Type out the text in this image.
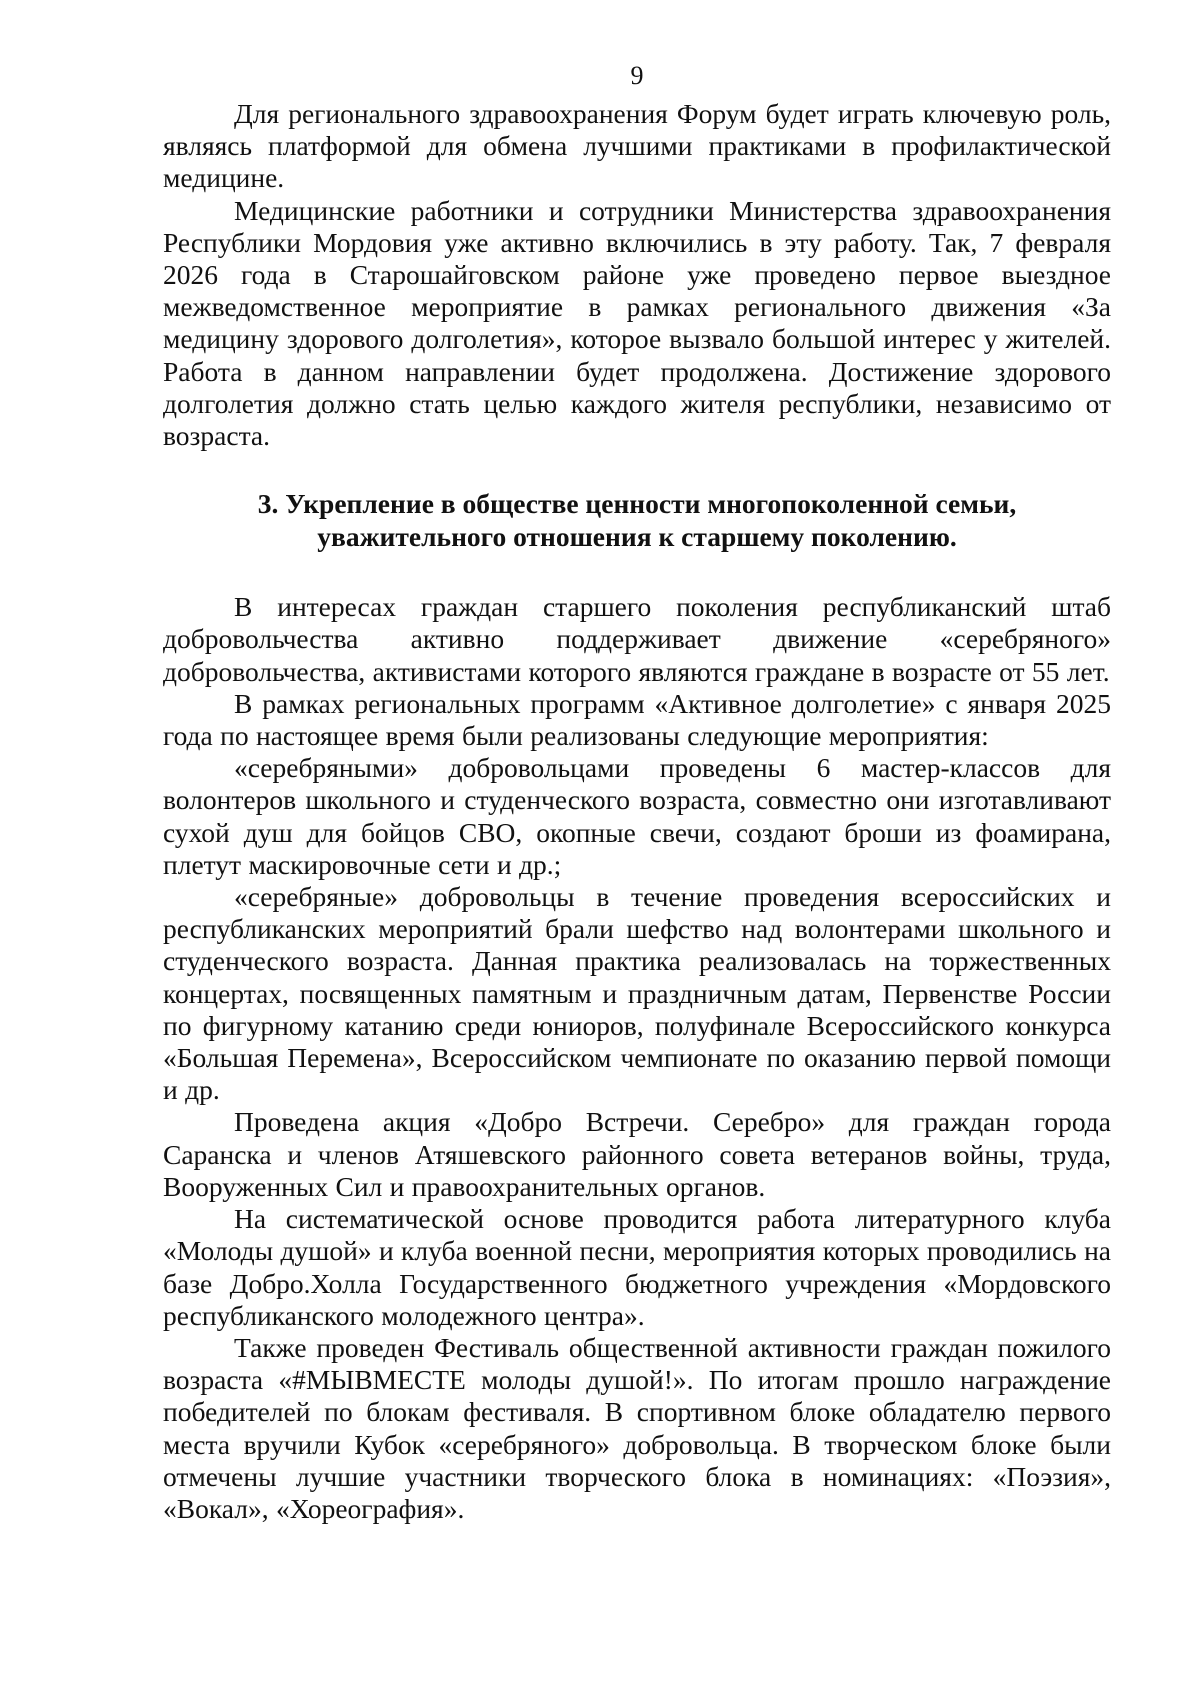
9

Для регионального здравоохранения Форум будет играть ключевую роль, являясь платформой для обмена лучшими практиками в профилактической медицине.

Медицинские работники и сотрудники Министерства здравоохранения Республики Мордовия уже активно включились в эту работу. Так, 7 февраля 2026 года в Старошайговском районе уже проведено первое выездное межведомственное мероприятие в рамках регионального движения «За медицину здорового долголетия», которое вызвало большой интерес у жителей. Работа в данном направлении будет продолжена. Достижение здорового долголетия должно стать целью каждого жителя республики, независимо от возраста.

3. Укрепление в обществе ценности многопоколенной семьи,
уважительного отношения к старшему поколению.

В интересах граждан старшего поколения республиканский штаб добровольчества активно поддерживает движение «серебряного» добровольчества, активистами которого являются граждане в возрасте от 55 лет.

В рамках региональных программ «Активное долголетие» с января 2025 года по настоящее время были реализованы следующие мероприятия:

«серебряными» добровольцами проведены 6 мастер-классов для волонтеров школьного и студенческого возраста, совместно они изготавливают сухой душ для бойцов СВО, окопные свечи, создают броши из фоамирана, плетут маскировочные сети и др.;

«серебряные» добровольцы в течение проведения всероссийских и республиканских мероприятий брали шефство над волонтерами школьного и студенческого возраста. Данная практика реализовалась на торжественных концертах, посвященных памятным и праздничным датам, Первенстве России по фигурному катанию среди юниоров, полуфинале Всероссийского конкурса «Большая Перемена», Всероссийском чемпионате по оказанию первой помощи и др.

Проведена акция «Добро Встречи. Серебро» для граждан города Саранска и членов Атяшевского районного совета ветеранов войны, труда, Вооруженных Сил и правоохранительных органов.

На систематической основе проводится работа литературного клуба «Молоды душой» и клуба военной песни, мероприятия которых проводились на базе Добро.Холла Государственного бюджетного учреждения «Мордовского республиканского молодежного центра».

Также проведен Фестиваль общественной активности граждан пожилого возраста «#МЫВМЕСТЕ молоды душой!». По итогам прошло награждение победителей по блокам фестиваля. В спортивном блоке обладателю первого места вручили Кубок «серебряного» добровольца. В творческом блоке были отмечены лучшие участники творческого блока в номинациях: «Поэзия», «Вокал», «Хореография».
